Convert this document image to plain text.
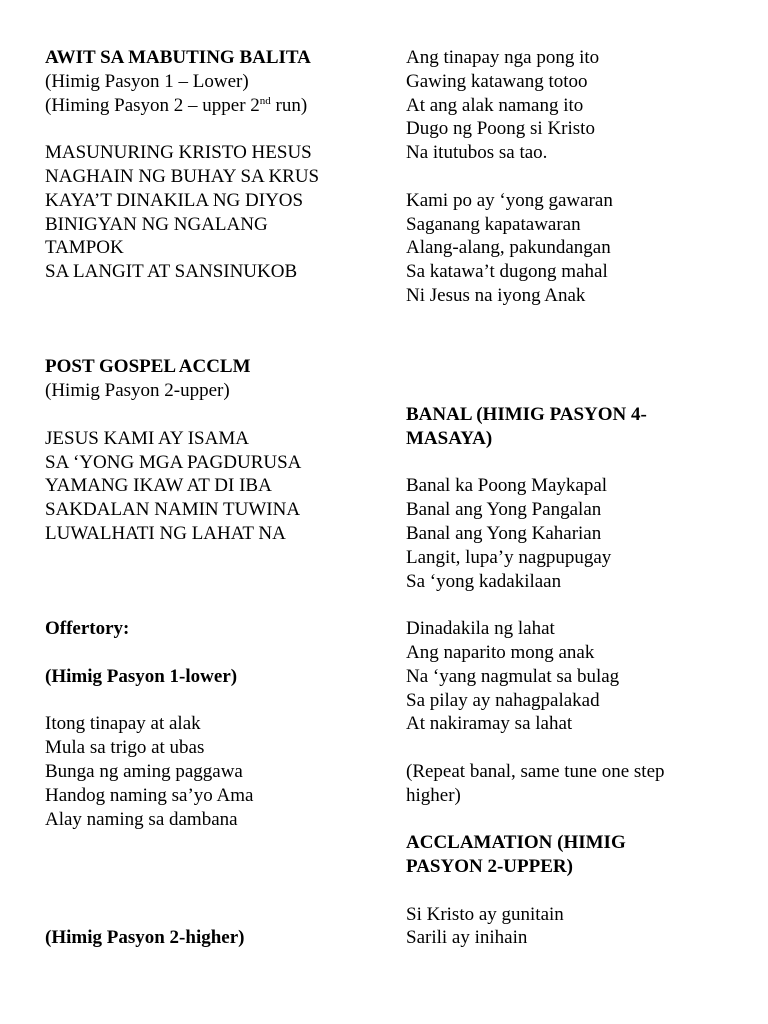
AWIT SA MABUTING BALITA
(Himig Pasyon 1 – Lower)
(Himing Pasyon 2 – upper 2nd run)
MASUNURING KRISTO HESUS
NAGHAIN NG BUHAY SA KRUS
KAYA’T DINAKILA NG DIYOS
BINIGYAN NG NGALANG
TAMPOK
SA LANGIT AT SANSINUKOB
POST GOSPEL ACCLM
(Himig Pasyon 2-upper)
JESUS KAMI AY ISAMA
SA ‘YONG MGA PAGDURUSA
YAMANG IKAW AT DI IBA
SAKDALAN NAMIN TUWINA
LUWALHATI NG LAHAT NA
Offertory:
(Himig Pasyon 1-lower)
Itong tinapay at alak
Mula sa trigo at ubas
Bunga ng aming paggawa
Handog naming sa’yo Ama
Alay naming sa dambana
(Himig Pasyon 2-higher)
Ang tinapay nga pong ito
Gawing katawang totoo
At ang alak namang ito
Dugo ng Poong si Kristo
Na itutubos sa tao.
Kami po ay ‘yong gawaran
Saganang kapatawaran
Alang-alang, pakundangan
Sa katawa’t dugong mahal
Ni Jesus na iyong Anak
BANAL (HIMIG PASYON 4-MASAYA)
Banal ka Poong Maykapal
Banal ang Yong Pangalan
Banal ang Yong Kaharian
Langit, lupa’y nagpupugay
Sa ‘yong kadakilaan
Dinadakila ng lahat
Ang naparito mong anak
Na ‘yang nagmulat sa bulag
Sa pilay ay nahagpalakad
At nakiramay sa lahat
(Repeat banal, same tune one step higher)
ACCLAMATION (HIMIG PASYON 2-UPPER)
Si Kristo ay gunitain
Sarili ay inihain
